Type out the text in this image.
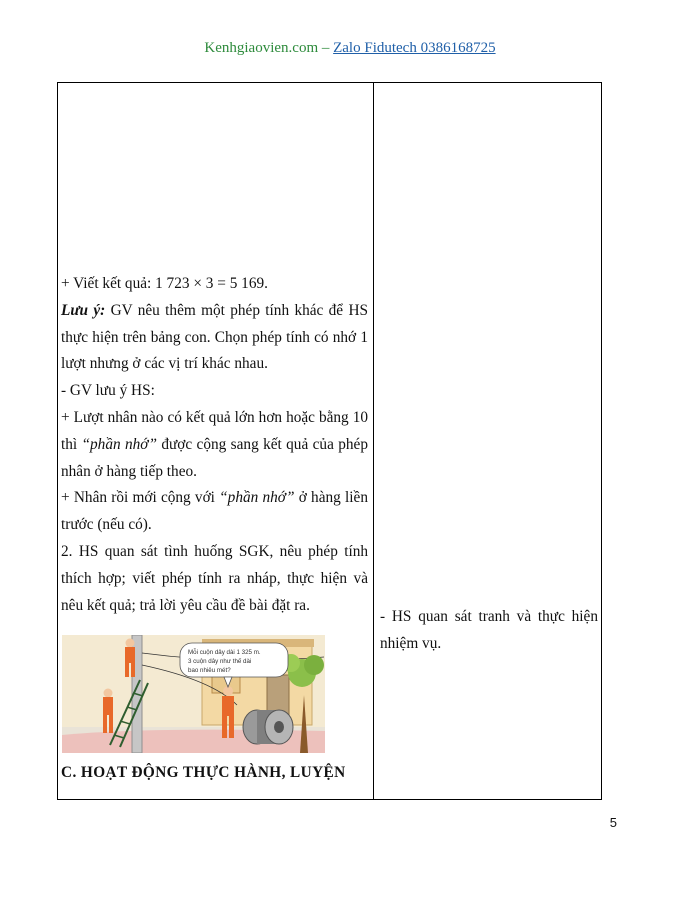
Kenhgiaovien.com – Zalo Fidutech 0386168725

+ Viết kết quả: 1 723 × 3 = 5 169.

Lưu ý: GV nêu thêm một phép tính khác để HS thực hiện trên bảng con. Chọn phép tính có nhớ 1 lượt nhưng ở các vị trí khác nhau.

- GV lưu ý HS:

+ Lượt nhân nào có kết quả lớn hơn hoặc bằng 10 thì “phần nhớ” được cộng sang kết quả của phép nhân ở hàng tiếp theo.

+ Nhân rồi mới cộng với “phần nhớ” ở hàng liền trước (nếu có).

2. HS quan sát tình huống SGK, nêu phép tính thích hợp; viết phép tính ra nháp, thực hiện và nêu kết quả; trả lời yêu cầu đề bài đặt ra.

Mỗi cuộn dây dài 1 325 m.
3 cuộn dây như thế dài
bao nhiêu mét?
C. HOẠT ĐỘNG THỰC HÀNH, LUYỆN

- HS quan sát tranh và thực hiện nhiệm vụ.

5
